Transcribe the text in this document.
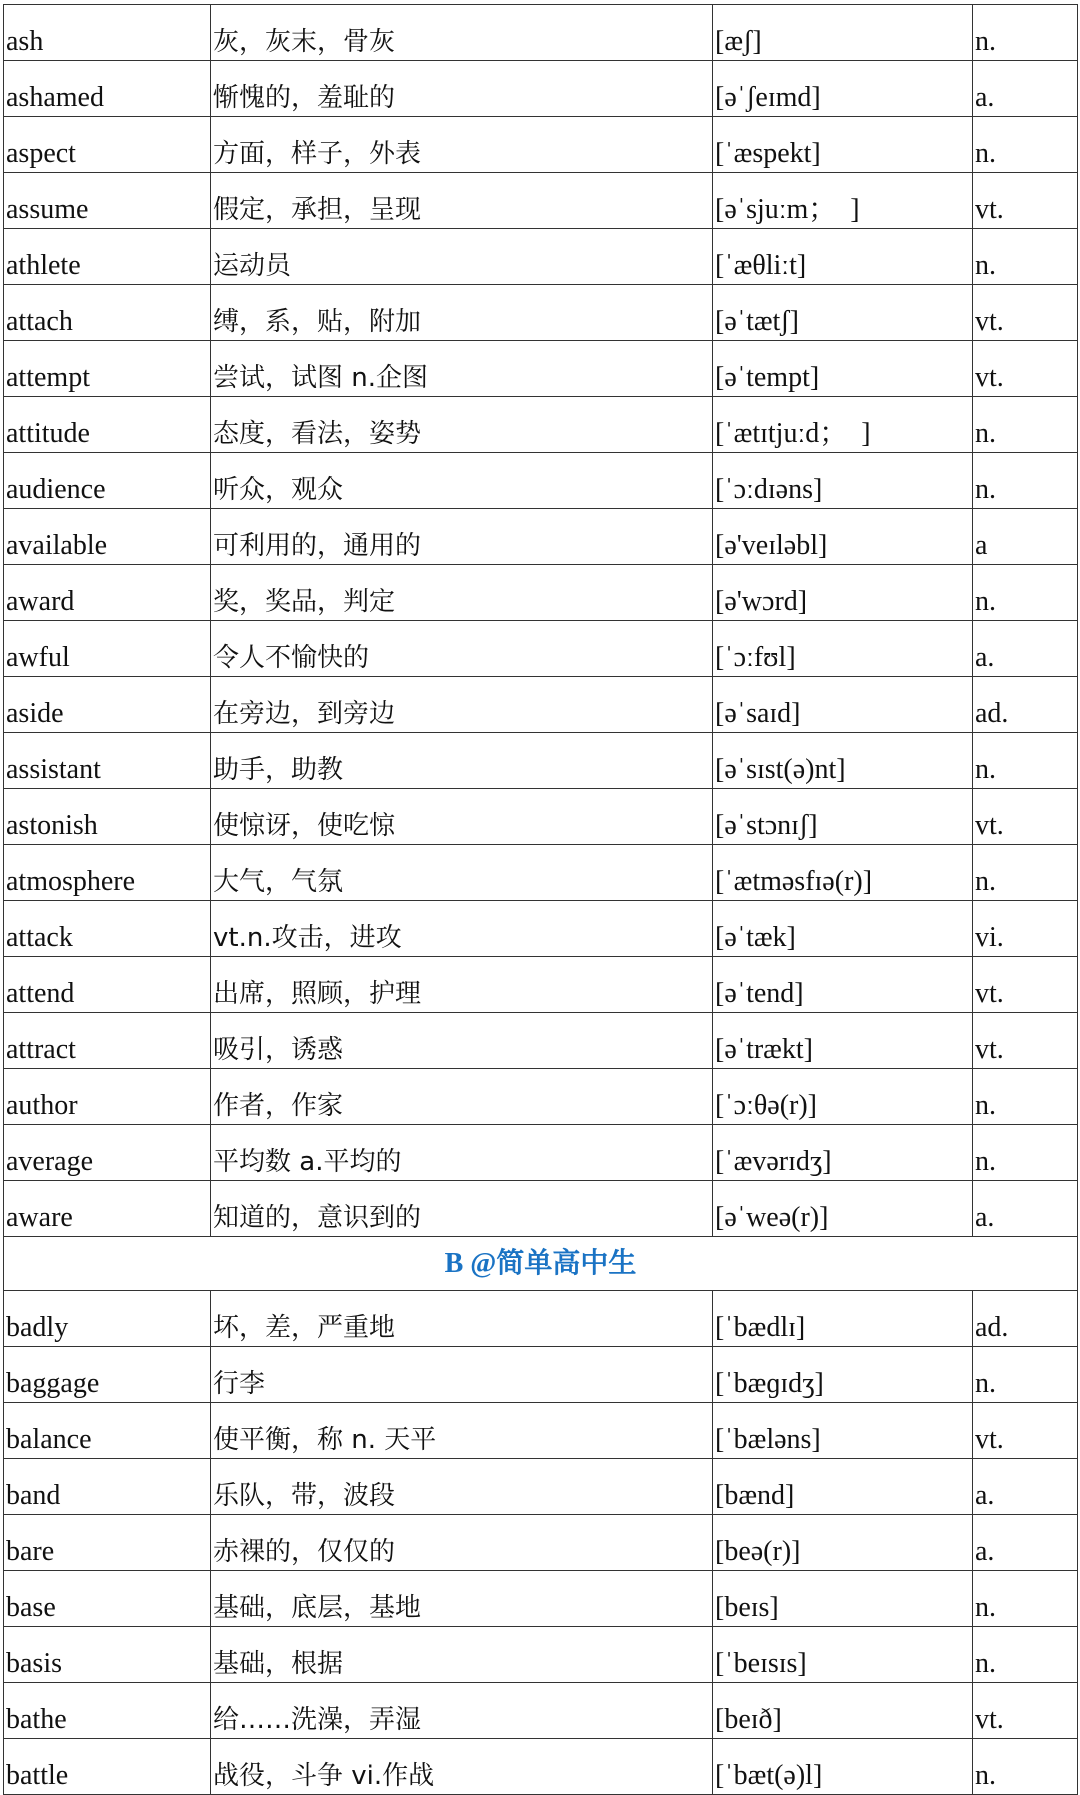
ash	灰，灰末，骨灰	[æʃ]	n.
ashamed	惭愧的，羞耻的	[əˈʃeɪmd]	a.
aspect	方面，样子，外表	[ˈæspekt]	n.
assume	假定，承担，呈现	[əˈsjuːm；　]	vt.
athlete	运动员	[ˈæθliːt]	n.
attach	缚，系，贴，附加	[əˈtætʃ]	vt.
attempt	尝试，试图 n.企图	[əˈtempt]	vt.
attitude	态度，看法，姿势	[ˈætɪtjuːd；　]	n.
audience	听众，观众	[ˈɔːdɪəns]	n.
available	可利用的，通用的	[ə'veɪləbl]	a
award	奖，奖品，判定	[ə'wɔrd]	n.
awful	令人不愉快的	[ˈɔːfʊl]	a.
aside	在旁边，到旁边	[əˈsaɪd]	ad.
assistant	助手，助教	[əˈsɪst(ə)nt]	n.
astonish	使惊讶，使吃惊	[əˈstɔnɪʃ]	vt.
atmosphere	大气，气氛	[ˈætməsfɪə(r)]	n.
attack	vt.n.攻击，进攻	[əˈtæk]	vi.
attend	出席，照顾，护理	[əˈtend]	vt.
attract	吸引，诱惑	[əˈtrækt]	vt.
author	作者，作家	[ˈɔːθə(r)]	n.
average	平均数 a.平均的	[ˈævərɪdʒ]	n.
aware	知道的，意识到的	[əˈweə(r)]	a.
B @简单高中生			
badly	坏，差，严重地	[ˈbædlɪ]	ad.
baggage	行李	[ˈbæɡɪdʒ]	n.
balance	使平衡，称 n. 天平	[ˈbæləns]	vt.
band	乐队，带，波段	[bænd]	a.
bare	赤裸的，仅仅的	[beə(r)]	a.
base	基础，底层，基地	[beɪs]	n.
basis	基础，根据	[ˈbeɪsɪs]	n.
bathe	给……洗澡，弄湿	[beɪð]	vt.
battle	战役，斗争 vi.作战	[ˈbæt(ə)l]	n.
